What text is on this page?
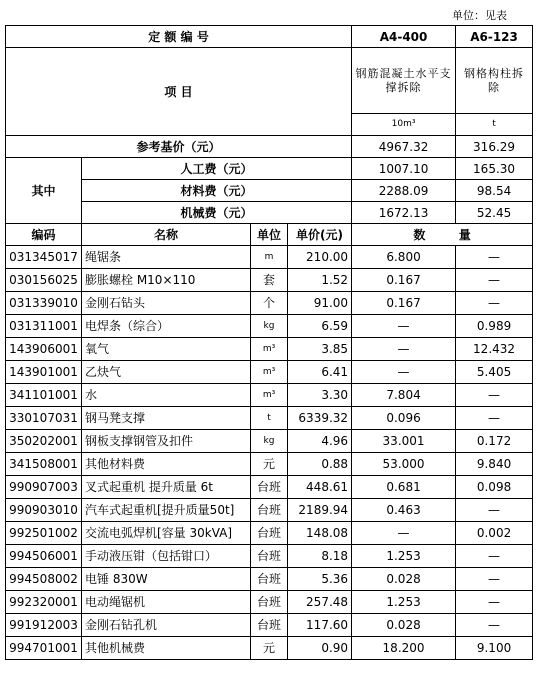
单位：见表
定 额 编 号				A4-400	A6-123
项 目				钢筋混凝土水平支撑拆除	钢格构柱拆除
				10m³	t
参考基价（元）				4967.32	316.29
其中	人工费（元）			1007.10	165.30
	材料费（元）			2288.09	98.54
	机械费（元）			1672.13	52.45
编码	名称	单位	单价(元)	数        量	
031345017	绳锯条	m	210.00	6.800	—
030156025	膨胀螺栓 M10×110	套	1.52	0.167	—
031339010	金刚石钻头	个	91.00	0.167	—
031311001	电焊条（综合）	kg	6.59	—	0.989
143906001	氧气	m³	3.85	—	12.432
143901001	乙炔气	m³	6.41	—	5.405
341101001	水	m³	3.30	7.804	—
330107031	钢马凳支撑	t	6339.32	0.096	—
350202001	钢板支撑钢管及扣件	kg	4.96	33.001	0.172
341508001	其他材料费	元	0.88	53.000	9.840
990907003	叉式起重机 提升质量 6t	台班	448.61	0.681	0.098
990903010	汽车式起重机[提升质量50t]	台班	2189.94	0.463	—
992501002	交流电弧焊机[容量 30kVA]	台班	148.08	—	0.002
994506001	手动液压钳（包括钳口）	台班	8.18	1.253	—
994508002	电锤 830W	台班	5.36	0.028	—
992320001	电动绳锯机	台班	257.48	1.253	—
991912003	金刚石钻孔机	台班	117.60	0.028	—
994701001	其他机械费	元	0.90	18.200	9.100
